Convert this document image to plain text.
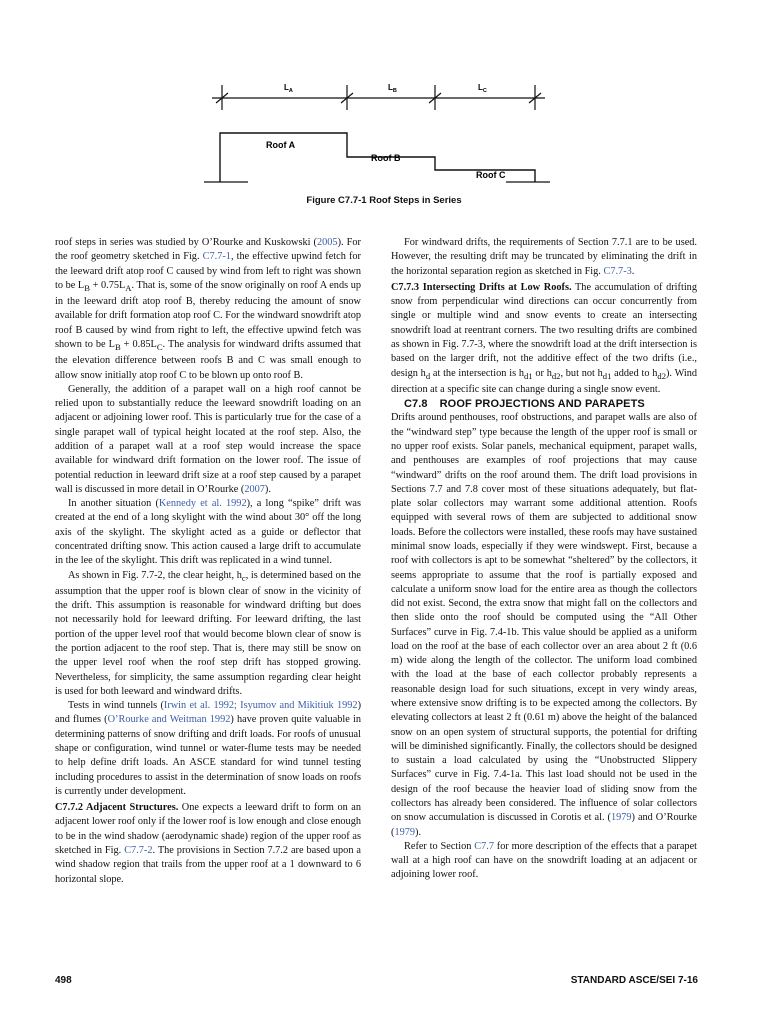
$L_A$	$L_B$	$L_C$
Roof A
Roof B
Roof C
Figure C7.7-1 Roof Steps in Series

roof steps in series was studied by O’Rourke and Kuskowski (2005). For the roof geometry sketched in Fig. C7.7-1, the effective upwind fetch for the leeward drift atop roof C caused by wind from left to right was shown to be $L_B + 0.75L_A$. That is, some of the snow originally on roof A ends up in the leeward drift atop roof B, thereby reducing the amount of snow available for drift formation atop roof C. For the windward snowdrift atop roof B caused by wind from right to left, the effective upwind fetch was shown to be $L_B + 0.85L_C$. The analysis for windward drifts assumed that the elevation difference between roofs B and C was small enough to allow snow initially atop roof C to be blown up onto roof B.

Generally, the addition of a parapet wall on a high roof cannot be relied upon to substantially reduce the leeward snowdrift loading on an adjacent or adjoining lower roof. This is particularly true for the case of a single parapet wall of typical height located at the roof step. Also, the addition of a parapet wall at a roof step would increase the space available for windward drift formation on the lower roof. The issue of potential reduction in leeward drift size at a roof step caused by a parapet wall is discussed in more detail in O’Rourke (2007).

In another situation (Kennedy et al. 1992), a long “spike” drift was created at the end of a long skylight with the wind about 30° off the long axis of the skylight. The skylight acted as a guide or deflector that concentrated drifting snow. This action caused a large drift to accumulate in the lee of the skylight. This drift was replicated in a wind tunnel.

As shown in Fig. 7.7-2, the clear height, $h_c$, is determined based on the assumption that the upper roof is blown clear of snow in the vicinity of the drift. This assumption is reasonable for windward drifting but does not necessarily hold for leeward drifting. For leeward drifting, the last portion of the upper level roof that would become blown clear of snow is the portion adjacent to the roof step. That is, there may still be snow on the upper level roof when the roof step drift has stopped growing. Nevertheless, for simplicity, the same assumption regarding clear height is used for both leeward and windward drifts.

Tests in wind tunnels (Irwin et al. 1992; Isyumov and Mikitiuk 1992) and flumes (O’Rourke and Weitman 1992) have proven quite valuable in determining patterns of snow drifting and drift loads. For roofs of unusual shape or configuration, wind tunnel or water-flume tests may be needed to help define drift loads. An ASCE standard for wind tunnel testing including procedures to assist in the determination of snow loads on roofs is currently under development.

C7.7.2 Adjacent Structures. One expects a leeward drift to form on an adjacent lower roof only if the lower roof is low enough and close enough to be in the wind shadow (aerodynamic shade) region of the upper roof as sketched in Fig. C7.7-2. The provisions in Section 7.7.2 are based upon a wind shadow region that trails from the upper roof at a 1 downward to 6 horizontal slope.

For windward drifts, the requirements of Section 7.7.1 are to be used. However, the resulting drift may be truncated by eliminating the drift in the horizontal separation region as sketched in Fig. C7.7-3.

C7.7.3 Intersecting Drifts at Low Roofs. The accumulation of drifting snow from perpendicular wind directions can occur concurrently from single or multiple wind and snow events to create an intersecting snowdrift load at reentrant corners. The two resulting drifts are combined as shown in Fig. 7.7-3, where the snowdrift load at the drift intersection is based on the larger drift, not the additive effect of the two drifts (i.e., design $h_d$ at the intersection is $h_{d1}$ or $h_{d2}$, but not $h_{d1}$ added to $h_{d2}$). Wind direction at a specific site can change during a single snow event.

C7.8 ROOF PROJECTIONS AND PARAPETS

Drifts around penthouses, roof obstructions, and parapet walls are also of the “windward step” type because the length of the upper roof is small or no upper roof exists. Solar panels, mechanical equipment, parapet walls, and penthouses are examples of roof projections that may cause “windward” drifts on the roof around them. The drift load provisions in Sections 7.7 and 7.8 cover most of these situations adequately, but flat-plate solar collectors may warrant some additional attention. Roofs equipped with several rows of them are subjected to additional snow loads. Before the collectors were installed, these roofs may have sustained minimal snow loads, especially if they were windswept. First, because a roof with collectors is apt to be somewhat “sheltered” by the collectors, it seems appropriate to assume that the roof is partially exposed and calculate a uniform snow load for the entire area as though the collectors did not exist. Second, the extra snow that might fall on the collectors and then slide onto the roof should be computed using the “All Other Surfaces” curve in Fig. 7.4-1b. This value should be applied as a uniform load on the roof at the base of each collector over an area about 2 ft (0.6 m) wide along the length of the collector. The uniform load combined with the load at the base of each collector probably represents a reasonable design load for such situations, except in very windy areas, where extensive snow drifting is to be expected among the collectors. By elevating collectors at least 2 ft (0.61 m) above the height of the balanced snow on an open system of structural supports, the potential for drifting will be diminished significantly. Finally, the collectors should be designed to sustain a load calculated by using the “Unobstructed Slippery Surfaces” curve in Fig. 7.4-1a. This last load should not be used in the design of the roof because the heavier load of sliding snow from the collectors has already been considered. The influence of solar collectors on snow accumulation is discussed in Corotis et al. (1979) and O’Rourke (1979).

Refer to Section C7.7 for more description of the effects that a parapet wall at a high roof can have on the snowdrift loading at an adjacent or adjoining lower roof.

498	STANDARD ASCE/SEI 7-16
